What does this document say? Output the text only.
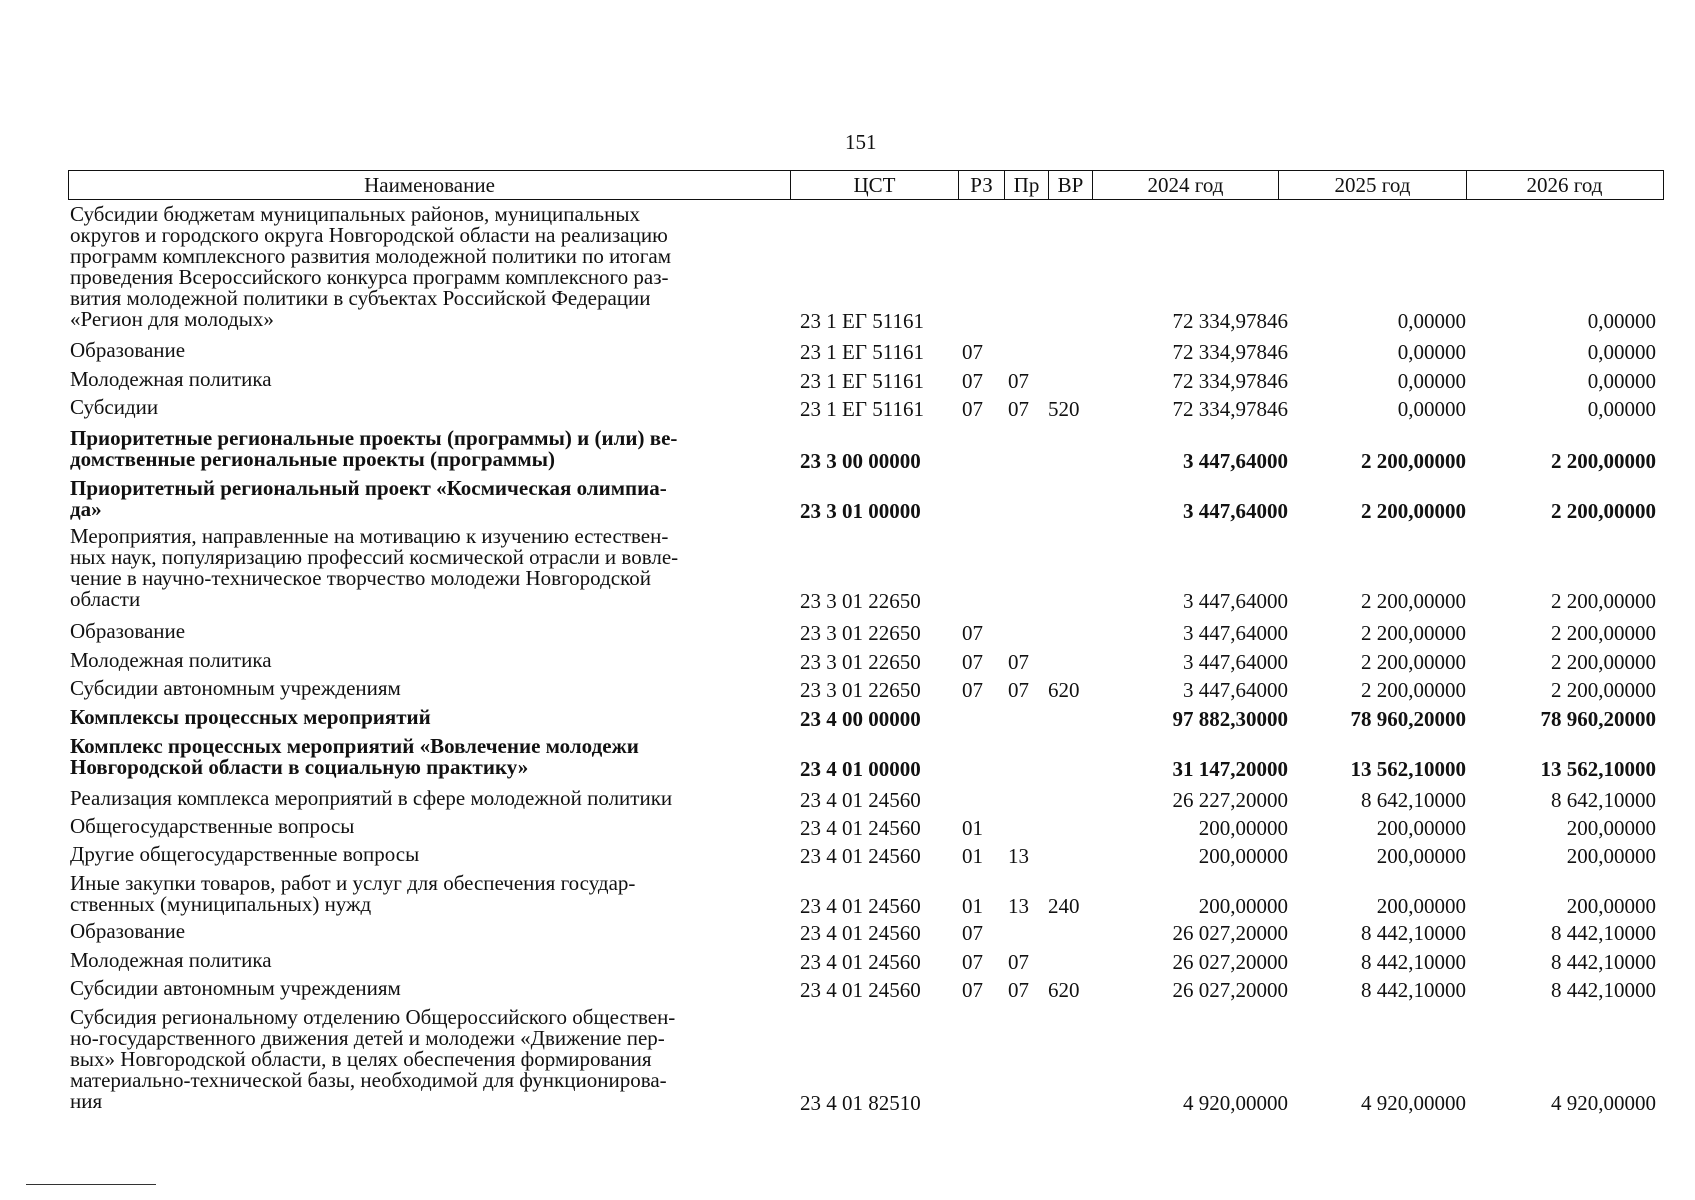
151
Наименование	ЦСТ	РЗ Пр ВР	2024 год	2025 год	2026 год
Субсидии бюджетам муниципальных районов, муниципальных
округов и городского округа Новгородской области на реализацию
программ комплексного развития молодежной политики по итогам
проведения Всероссийского конкурса программ комплексного раз-
вития молодежной политики в субъектах Российской Федерации
«Регион для молодых»	23 1 ЕГ 51161	72 334,97846	0,00000	0,00000
Образование	23 1 ЕГ 51161 07	72 334,97846	0,00000	0,00000
Молодежная политика	23 1 ЕГ 51161 07 07	72 334,97846	0,00000	0,00000
Субсидии	23 1 ЕГ 51161 07 07 520	72 334,97846	0,00000	0,00000
Приоритетные региональные проекты (программы) и (или) ве-
домственные региональные проекты (программы)	23 3 00 00000	3 447,64000	2 200,00000	2 200,00000
Приоритетный региональный проект «Космическая олимпиа-
да»	23 3 01 00000	3 447,64000	2 200,00000	2 200,00000
Мероприятия, направленные на мотивацию к изучению естествен-
ных наук, популяризацию профессий космической отрасли и вовле-
чение в научно-техническое творчество молодежи Новгородской
области	23 3 01 22650	3 447,64000	2 200,00000	2 200,00000
Образование	23 3 01 22650 07	3 447,64000	2 200,00000	2 200,00000
Молодежная политика	23 3 01 22650 07 07	3 447,64000	2 200,00000	2 200,00000
Субсидии автономным учреждениям	23 3 01 22650 07 07 620	3 447,64000	2 200,00000	2 200,00000
Комплексы процессных мероприятий	23 4 00 00000	97 882,30000	78 960,20000	78 960,20000
Комплекс процессных мероприятий «Вовлечение молодежи
Новгородской области в социальную практику»	23 4 01 00000	31 147,20000	13 562,10000	13 562,10000
Реализация комплекса мероприятий в сфере молодежной политики	23 4 01 24560	26 227,20000	8 642,10000	8 642,10000
Общегосударственные вопросы	23 4 01 24560 01	200,00000	200,00000	200,00000
Другие общегосударственные вопросы	23 4 01 24560 01 13	200,00000	200,00000	200,00000
Иные закупки товаров, работ и услуг для обеспечения государ-
ственных (муниципальных) нужд	23 4 01 24560 01 13 240	200,00000	200,00000	200,00000
Образование	23 4 01 24560 07	26 027,20000	8 442,10000	8 442,10000
Молодежная политика	23 4 01 24560 07 07	26 027,20000	8 442,10000	8 442,10000
Субсидии автономным учреждениям	23 4 01 24560 07 07 620	26 027,20000	8 442,10000	8 442,10000
Субсидия региональному отделению Общероссийского обществен-
но-государственного движения детей и молодежи «Движение пер-
вых» Новгородской области, в целях обеспечения формирования
материально-технической базы, необходимой для функционирова-
ния	23 4 01 82510	4 920,00000	4 920,00000	4 920,00000
